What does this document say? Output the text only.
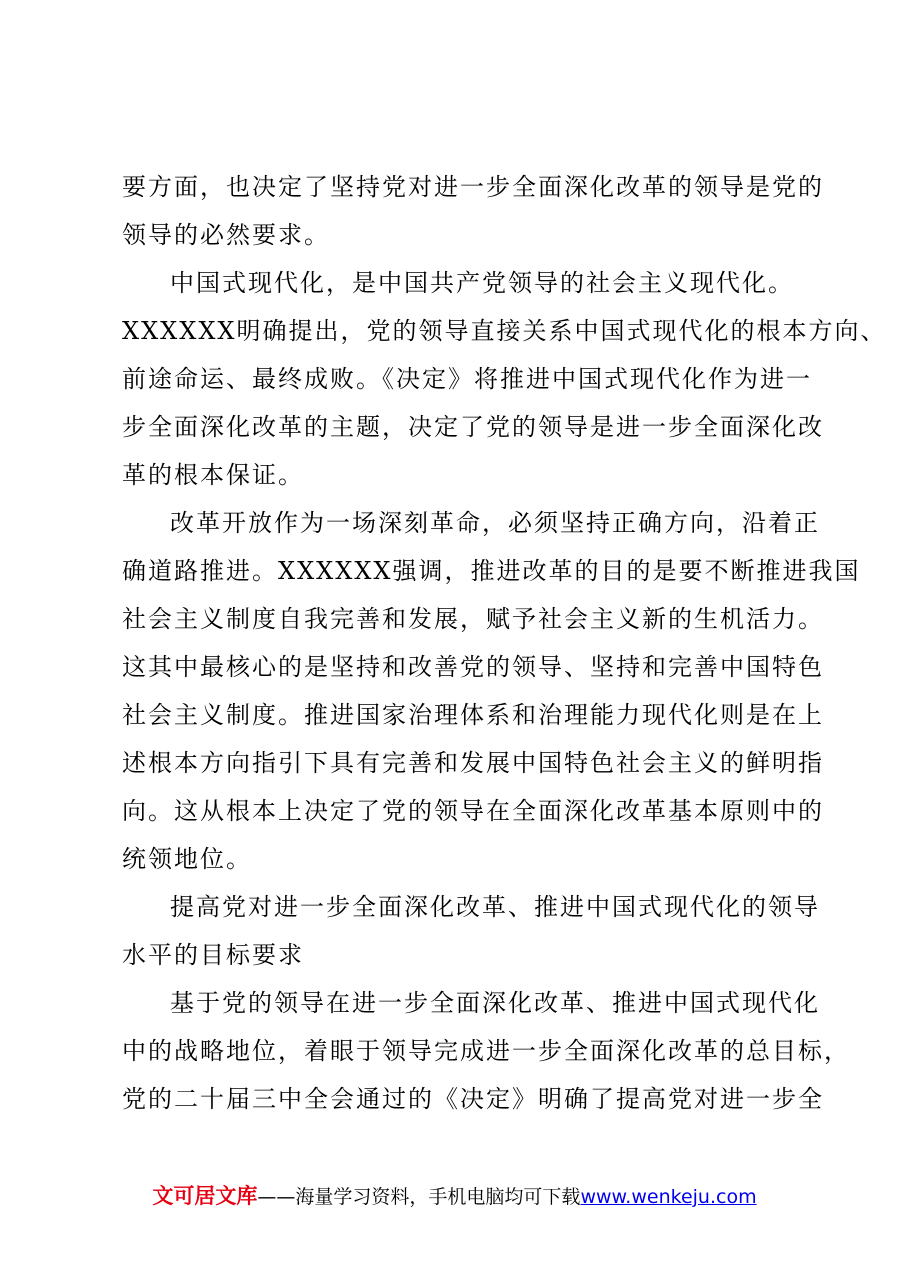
要方面，也决定了坚持党对进一步全面深化改革的领导是党的
领导的必然要求。
中国式现代化，是中国共产党领导的社会主义现代化。
XXXXXX明确提出，党的领导直接关系中国式现代化的根本方向、
前途命运、最终成败。《决定》将推进中国式现代化作为进一
步全面深化改革的主题，决定了党的领导是进一步全面深化改
革的根本保证。
改革开放作为一场深刻革命，必须坚持正确方向，沿着正
确道路推进。XXXXXX强调，推进改革的目的是要不断推进我国
社会主义制度自我完善和发展，赋予社会主义新的生机活力。
这其中最核心的是坚持和改善党的领导、坚持和完善中国特色
社会主义制度。推进国家治理体系和治理能力现代化则是在上
述根本方向指引下具有完善和发展中国特色社会主义的鲜明指
向。这从根本上决定了党的领导在全面深化改革基本原则中的
统领地位。
提高党对进一步全面深化改革、推进中国式现代化的领导
水平的目标要求
基于党的领导在进一步全面深化改革、推进中国式现代化
中的战略地位，着眼于领导完成进一步全面深化改革的总目标，
党的二十届三中全会通过的《决定》明确了提高党对进一步全
文可居文库——海量学习资料，手机电脑均可下载www.wenkeju.com
